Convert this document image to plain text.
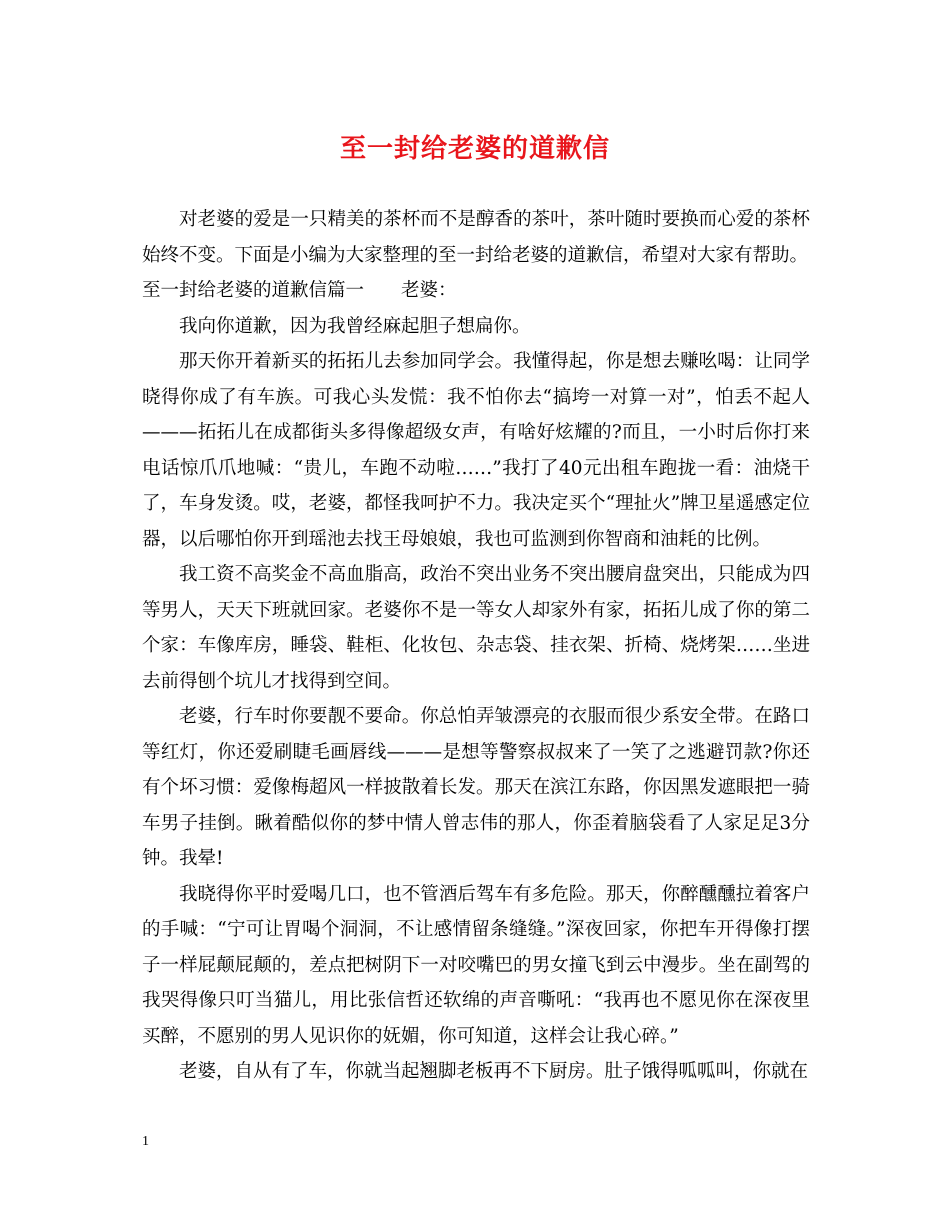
至一封给老婆的道歉信

对老婆的爱是一只精美的茶杯而不是醇香的茶叶，茶叶随时要换而心爱的茶杯始终不变。下面是小编为大家整理的至一封给老婆的道歉信，希望对大家有帮助。

至一封给老婆的道歉信篇一　　老婆：

我向你道歉，因为我曾经麻起胆子想扁你。

那天你开着新买的拓拓儿去参加同学会。我懂得起，你是想去赚吆喝：让同学晓得你成了有车族。可我心头发慌：我不怕你去“搞垮一对算一对”，怕丢不起人———拓拓儿在成都街头多得像超级女声，有啥好炫耀的?而且，一小时后你打来电话惊爪爪地喊：“贵儿，车跑不动啦……”我打了40元出租车跑拢一看：油烧干了，车身发烫。哎，老婆，都怪我呵护不力。我决定买个“理扯火”牌卫星遥感定位器，以后哪怕你开到瑶池去找王母娘娘，我也可监测到你智商和油耗的比例。

我工资不高奖金不高血脂高，政治不突出业务不突出腰肩盘突出，只能成为四等男人，天天下班就回家。老婆你不是一等女人却家外有家，拓拓儿成了你的第二个家：车像库房，睡袋、鞋柜、化妆包、杂志袋、挂衣架、折椅、烧烤架……坐进去前得刨个坑儿才找得到空间。

老婆，行车时你要靓不要命。你总怕弄皱漂亮的衣服而很少系安全带。在路口等红灯，你还爱刷睫毛画唇线———是想等警察叔叔来了一笑了之逃避罚款?你还有个坏习惯：爱像梅超风一样披散着长发。那天在滨江东路，你因黑发遮眼把一骑车男子挂倒。瞅着酷似你的梦中情人曾志伟的那人，你歪着脑袋看了人家足足3分钟。我晕!

我晓得你平时爱喝几口，也不管酒后驾车有多危险。那天，你醉醺醺拉着客户的手喊：“宁可让胃喝个洞洞，不让感情留条缝缝。”深夜回家，你把车开得像打摆子一样屁颠屁颠的，差点把树阴下一对咬嘴巴的男女撞飞到云中漫步。坐在副驾的我哭得像只叮当猫儿，用比张信哲还软绵的声音嘶吼：“我再也不愿见你在深夜里买醉，不愿别的男人见识你的妩媚，你可知道，这样会让我心碎。”

老婆，自从有了车，你就当起翘脚老板再不下厨房。肚子饿得呱呱叫，你就在

1
